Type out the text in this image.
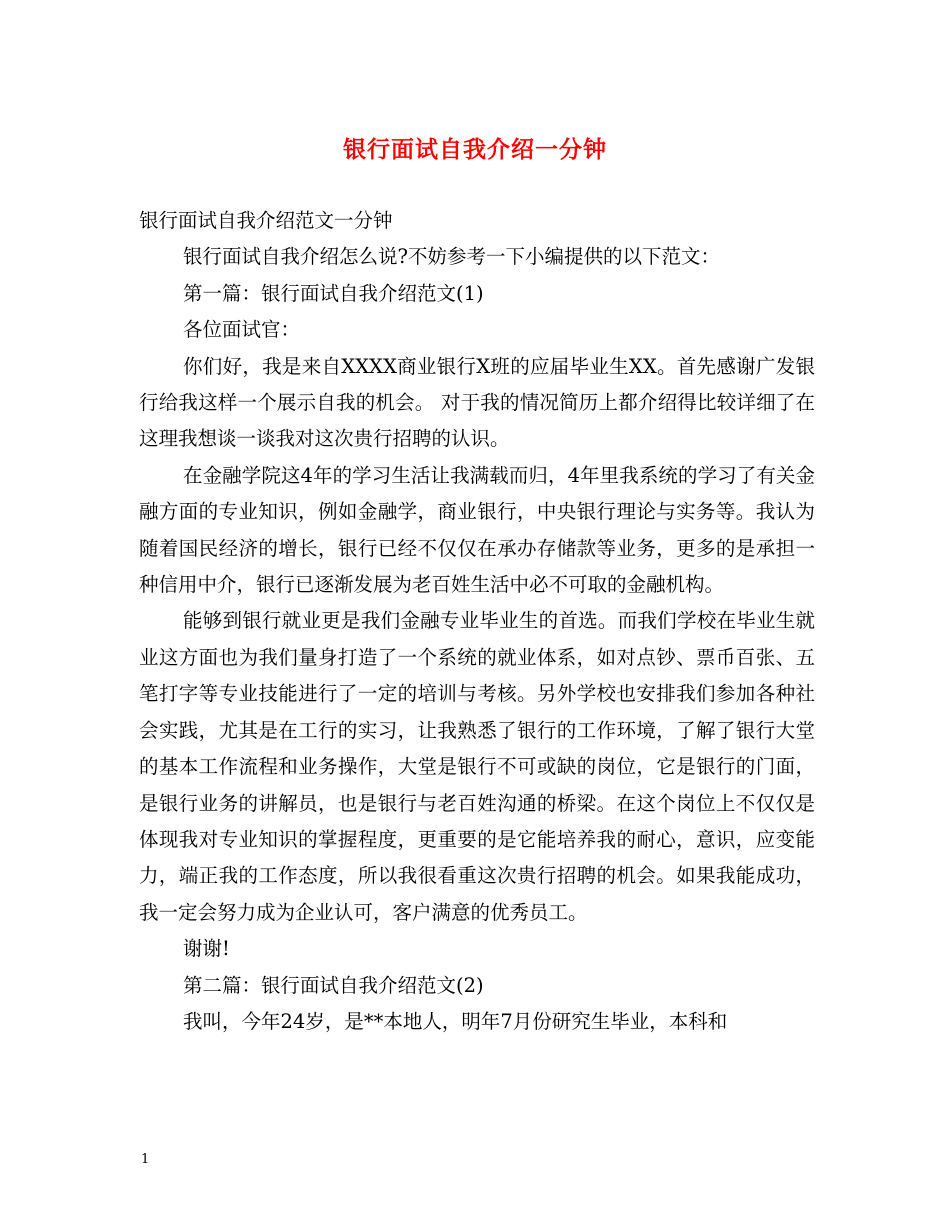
银行面试自我介绍一分钟

银行面试自我介绍范文一分钟

银行面试自我介绍怎么说?不妨参考一下小编提供的以下范文：

第一篇：银行面试自我介绍范文(1)

各位面试官：

你们好，我是来自XXXX商业银行X班的应届毕业生XX。首先感谢广发银行给我这样一个展示自我的机会。 对于我的情况简历上都介绍得比较详细了在这理我想谈一谈我对这次贵行招聘的认识。

在金融学院这4年的学习生活让我满载而归，4年里我系统的学习了有关金融方面的专业知识，例如金融学，商业银行，中央银行理论与实务等。我认为随着国民经济的增长，银行已经不仅仅在承办存储款等业务，更多的是承担一种信用中介，银行已逐渐发展为老百姓生活中必不可取的金融机构。

能够到银行就业更是我们金融专业毕业生的首选。而我们学校在毕业生就业这方面也为我们量身打造了一个系统的就业体系，如对点钞、票币百张、五笔打字等专业技能进行了一定的培训与考核。另外学校也安排我们参加各种社会实践，尤其是在工行的实习，让我熟悉了银行的工作环境，了解了银行大堂的基本工作流程和业务操作，大堂是银行不可或缺的岗位，它是银行的门面，是银行业务的讲解员，也是银行与老百姓沟通的桥梁。在这个岗位上不仅仅是体现我对专业知识的掌握程度，更重要的是它能培养我的耐心，意识，应变能力，端正我的工作态度，所以我很看重这次贵行招聘的机会。如果我能成功，我一定会努力成为企业认可，客户满意的优秀员工。

谢谢!

第二篇：银行面试自我介绍范文(2)

我叫，今年24岁，是**本地人，明年7月份研究生毕业，本科和

1
